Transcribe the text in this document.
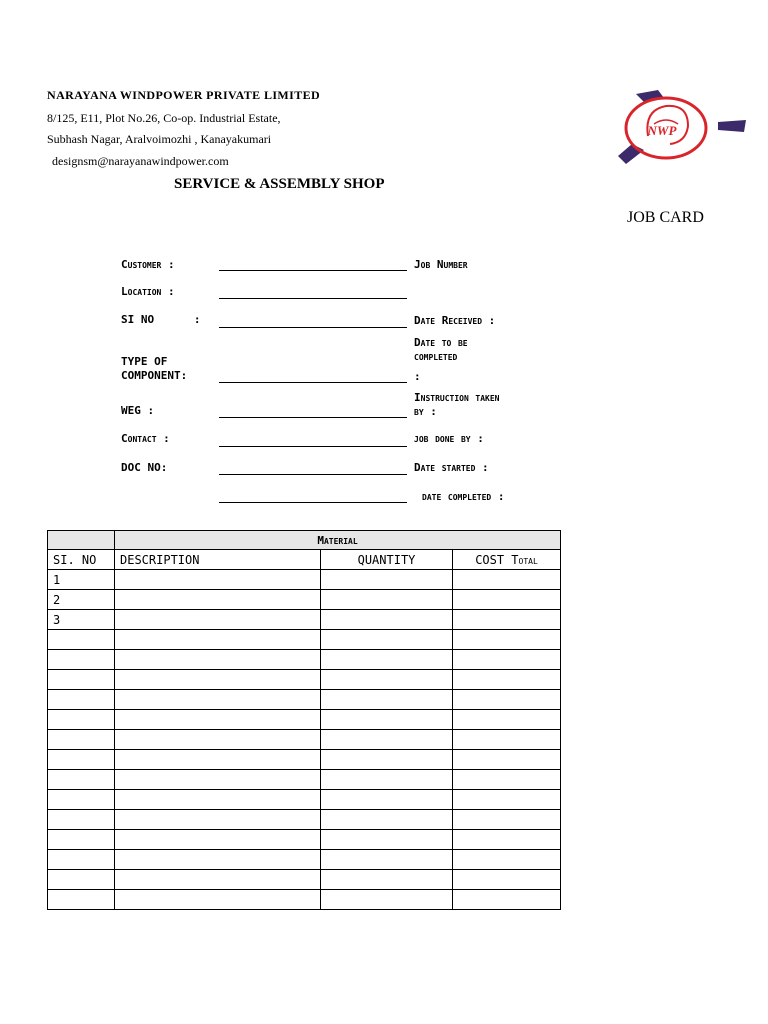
NARAYANA WINDPOWER PRIVATE LIMITED
8/125, E11, Plot No.26, Co-op. Industrial Estate,
Subhash Nagar, Aralvoimozhi , Kanayakumari
designsm@narayanawindpower.com
SERVICE & ASSEMBLY SHOP
JOB CARD
NWP
Customer :
Location :
SI NO      :
TYPE OF
COMPONENT:
WEG :
Contact :
DOC NO:
Job Number
Date Received :
Date to be
completed
:
Instruction taken
by :
job done by :
Date started :
date completed :
	Material		
SI. NO	DESCRIPTION	QUANTITY	COST Total
1			
2			
3			
